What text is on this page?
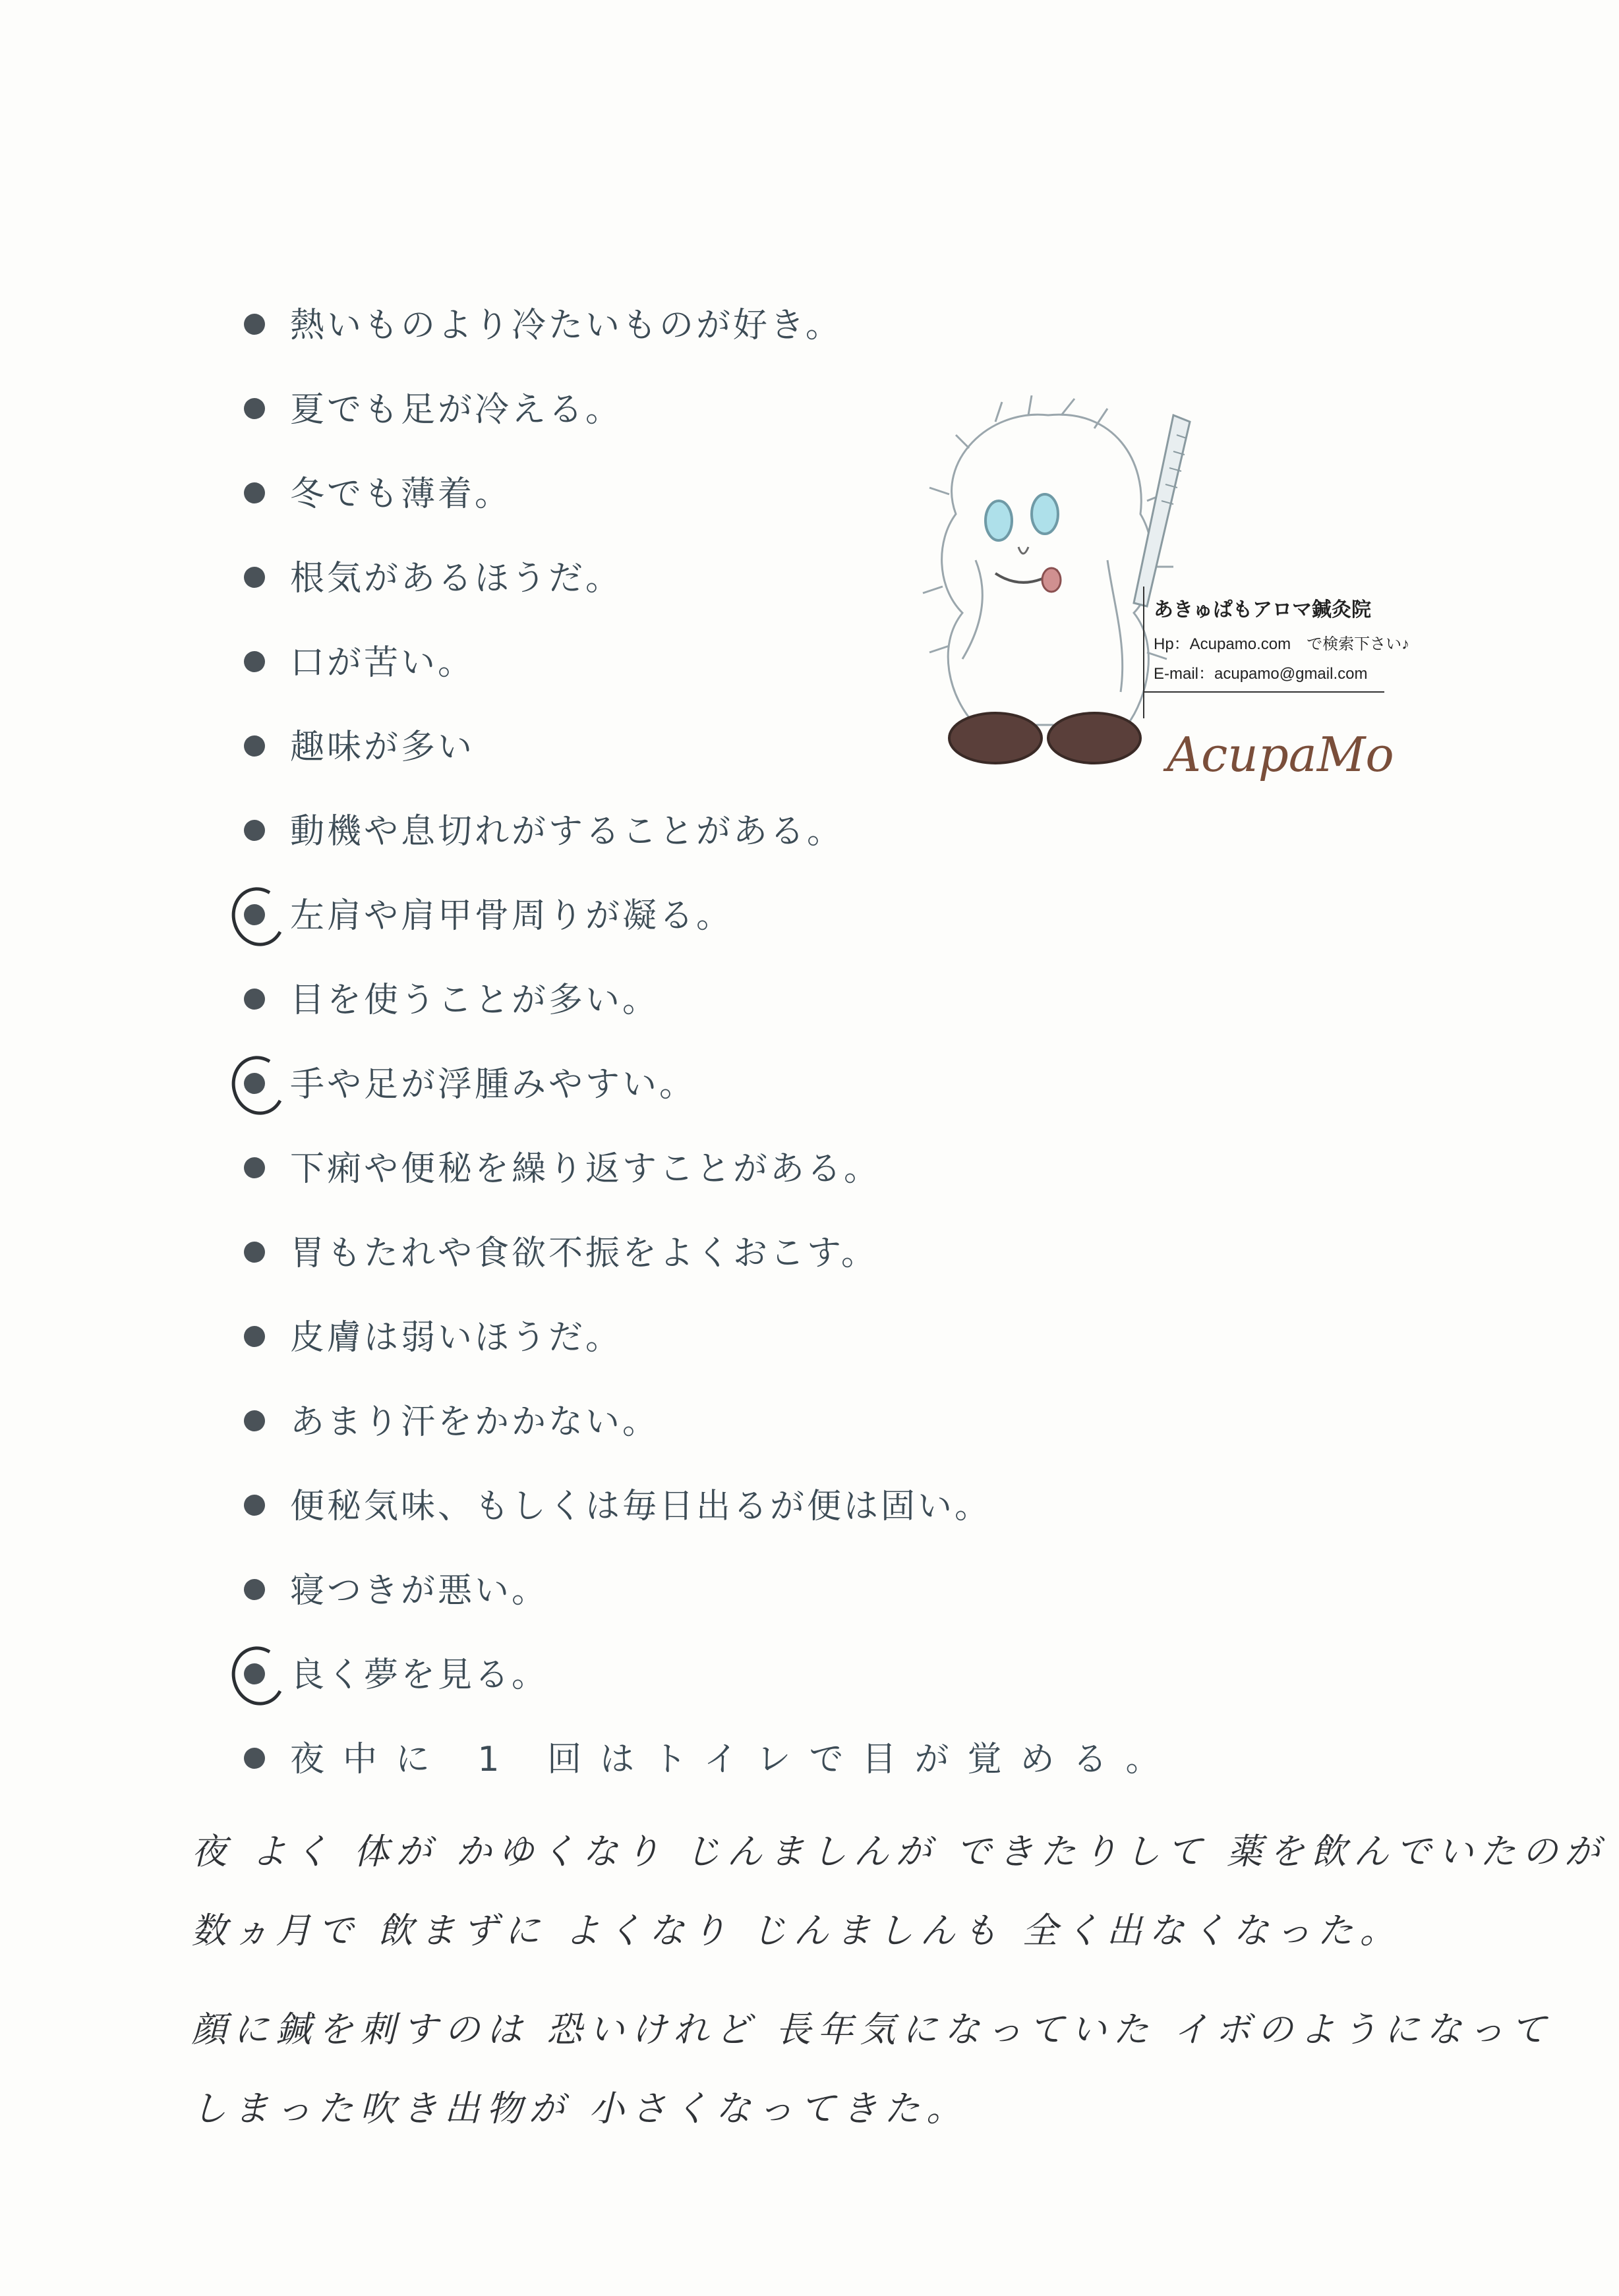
熱いものより冷たいものが好き。
夏でも足が冷える。
冬でも薄着。
根気があるほうだ。
口が苦い。
趣味が多い
動機や息切れがすることがある。
左肩や肩甲骨周りが凝る。
目を使うことが多い。
手や足が浮腫みやすい。
下痢や便秘を繰り返すことがある。
胃もたれや食欲不振をよくおこす。
皮膚は弱いほうだ。
あまり汗をかかない。
便秘気味、もしくは毎日出るが便は固い。
寝つきが悪い。
良く夢を見る。
夜中に 1 回はトイレで目が覚める。
あきゅぱもアロマ鍼灸院
Hp：Acupamo.com　で検索下さい♪
E-mail：acupamo@gmail.com
AcupaMo
夜 よく 体が かゆくなり じんましんが できたりして 薬を飲んでいたのが
数ヵ月で 飲まずに よくなり じんましんも 全く出なくなった。
顔に鍼を刺すのは 恐いけれど 長年気になっていた イボのようになって
しまった吹き出物が 小さくなってきた。
